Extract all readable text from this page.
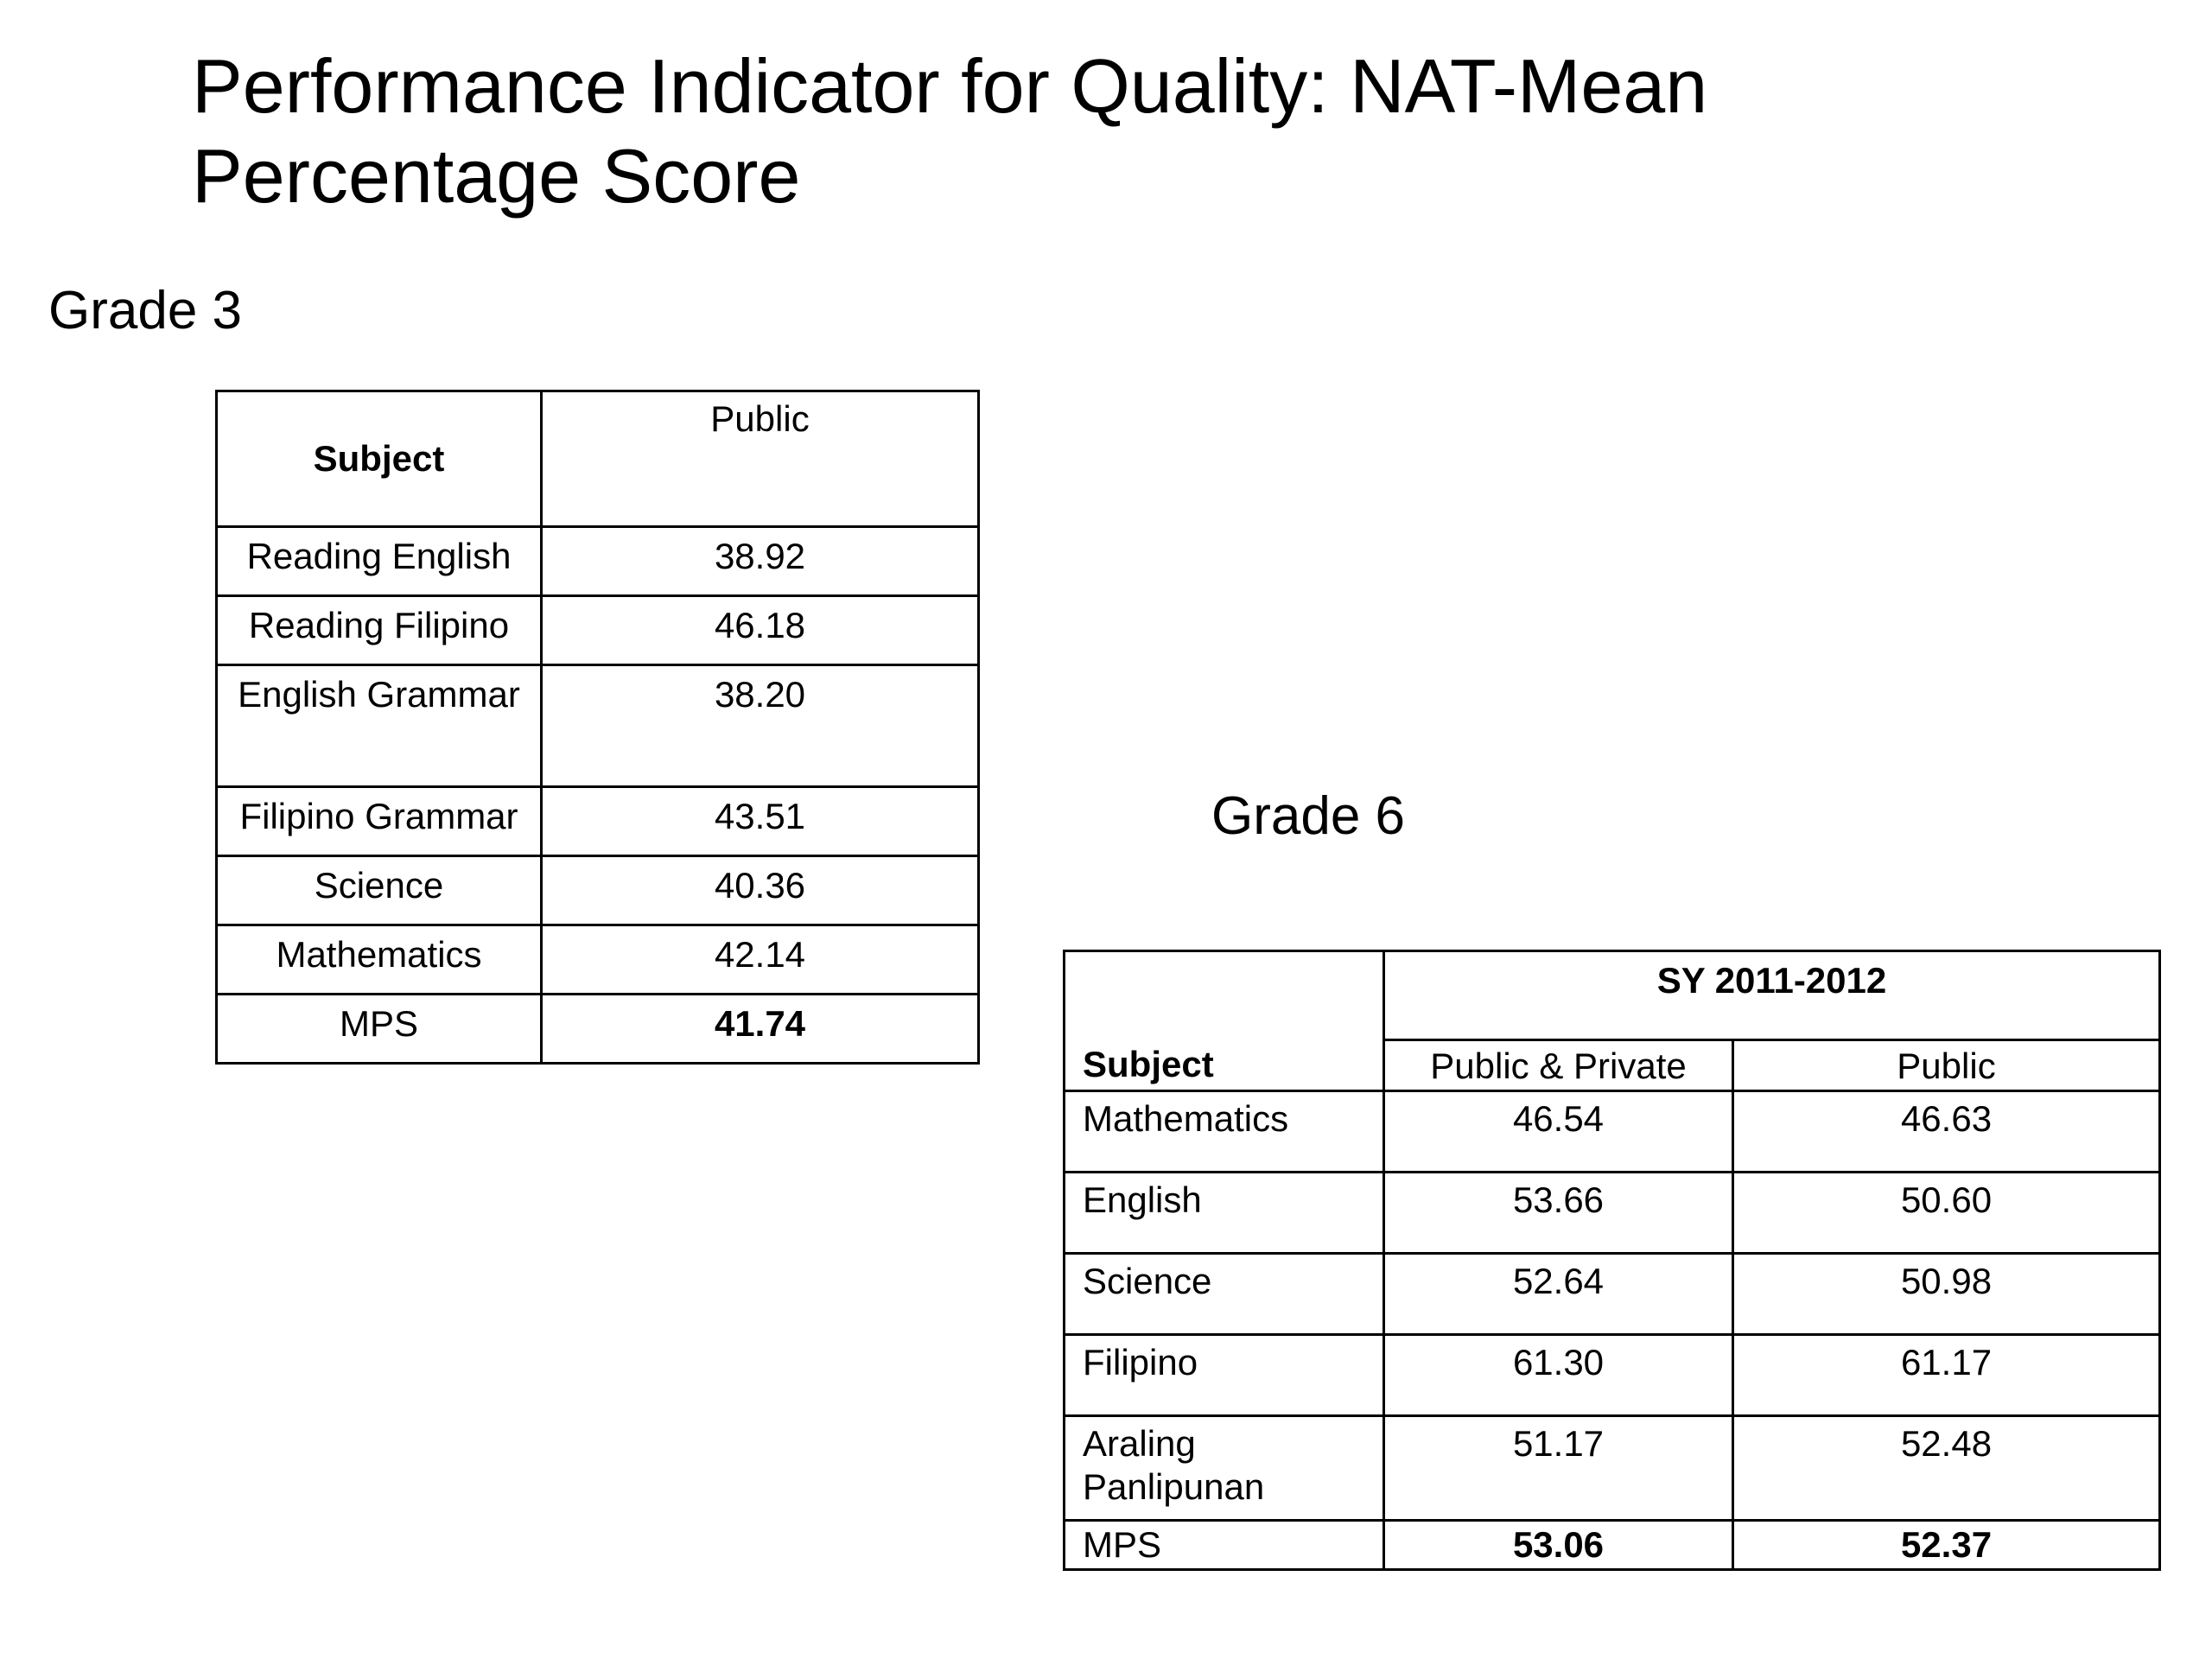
Performance Indicator for Quality: NAT-Mean Percentage Score
Grade 3
Subject	Public
Reading English	38.92
Reading Filipino	46.18
English Grammar	38.20
Filipino Grammar	43.51
Science	40.36
Mathematics	42.14
MPS	41.74
Grade 6
Subject	SY 2011-2012	
	Public & Private	Public
Mathematics	46.54	46.63
English	53.66	50.60
Science	52.64	50.98
Filipino	61.30	61.17
Araling Panlipunan	51.17	52.48
MPS	53.06	52.37
